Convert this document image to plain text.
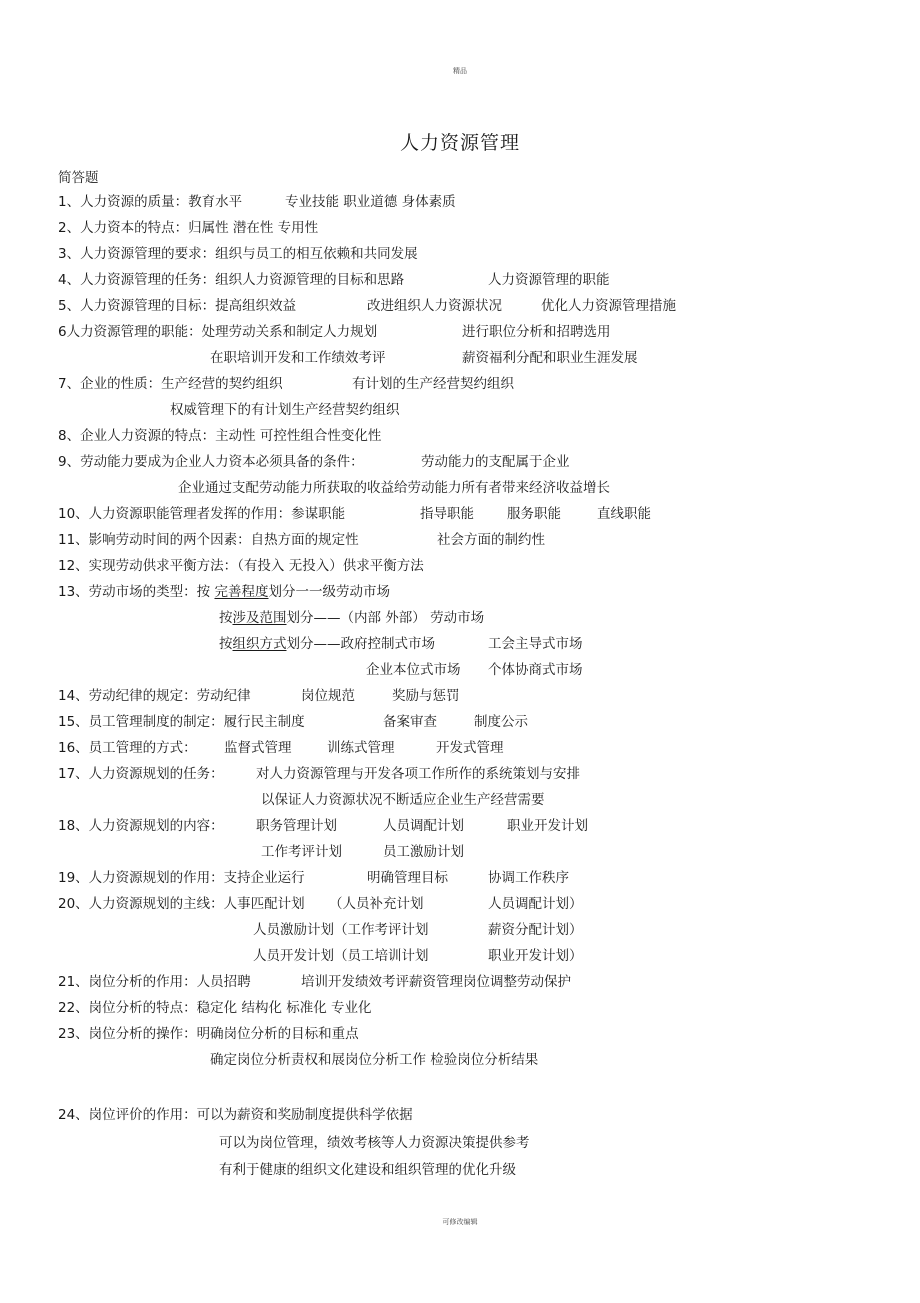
精品
人力资源管理
简答题
1、人力资源的质量：教育水平	专业技能 职业道德 身体素质
2、人力资本的特点：归属性 潜在性 专用性
3、人力资源管理的要求：组织与员工的相互依赖和共同发展
4、人力资源管理的任务：组织人力资源管理的目标和思路	人力资源管理的职能
5、人力资源管理的目标：提高组织效益	改进组织人力资源状况	优化人力资源管理措施
6人力资源管理的职能：处理劳动关系和制定人力规划	进行职位分析和招聘选用
在职培训开发和工作绩效考评	薪资福利分配和职业生涯发展
7、企业的性质：生产经营的契约组织	有计划的生产经营契约组织
权威管理下的有计划生产经营契约组织
8、企业人力资源的特点：主动性 可控性组合性变化性
9、劳动能力要成为企业人力资本必须具备的条件：	劳动能力的支配属于企业
企业通过支配劳动能力所获取的收益给劳动能力所有者带来经济收益增长
10、人力资源职能管理者发挥的作用：参谋职能	指导职能 服务职能	直线职能
11、影响劳动时间的两个因素：自热方面的规定性	社会方面的制约性
12、实现劳动供求平衡方法：（有投入 无投入）供求平衡方法
13、劳动市场的类型：按 完善程度划分一一级劳动市场
按涉及范围划分——（内部 外部） 劳动市场
按组织方式划分——政府控制式市场	工会主导式市场
企业本位式市场 个体协商式市场
14、劳动纪律的规定：劳动纪律	岗位规范	奖励与惩罚
15、员工管理制度的制定：履行民主制度	备案审查	制度公示
16、员工管理的方式： 监督式管理	训练式管理	开发式管理
17、人力资源规划的任务： 对人力资源管理与开发各项工作所作的系统策划与安排
以保证人力资源状况不断适应企业生产经营需要
18、人力资源规划的内容： 职务管理计划	人员调配计划	职业开发计划
工作考评计划	员工激励计划
19、人力资源规划的作用：支持企业运行	明确管理目标	协调工作秩序
20、人力资源规划的主线：人事匹配计划 （人员补充计划	人员调配计划）
人员激励计划（工作考评计划	薪资分配计划）
人员开发计划（员工培训计划	职业开发计划）
21、岗位分析的作用：人员招聘	培训开发绩效考评薪资管理岗位调整劳动保护
22、岗位分析的特点：稳定化 结构化 标准化 专业化
23、岗位分析的操作：明确岗位分析的目标和重点
确定岗位分析责权和展岗位分析工作 检验岗位分析结果
24、岗位评价的作用：可以为薪资和奖励制度提供科学依据
可以为岗位管理，绩效考核等人力资源决策提供参考
有利于健康的组织文化建设和组织管理的优化升级
可修改编辑
